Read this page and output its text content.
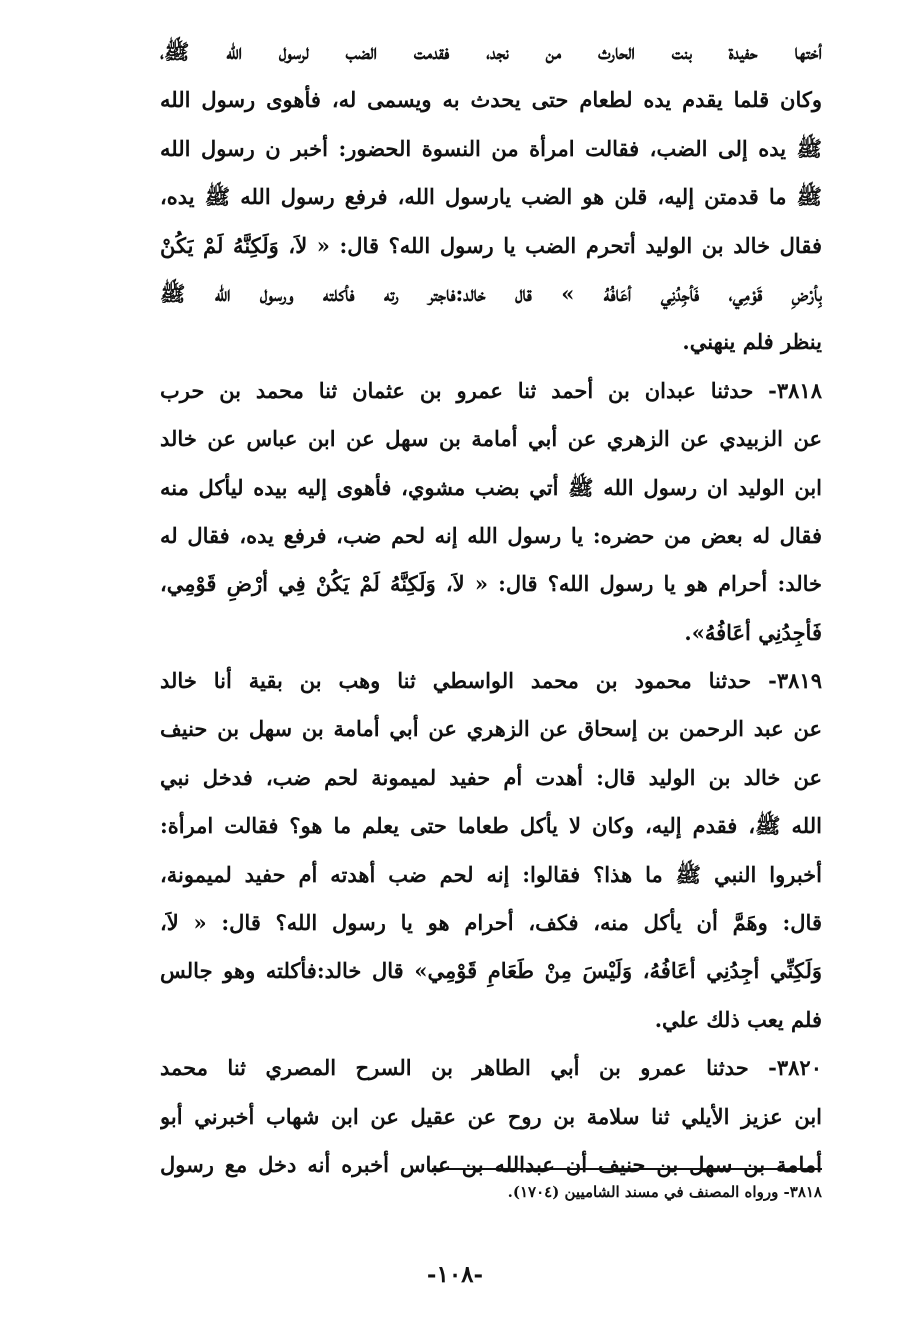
أختها حفيدة بنت الحارث من نجد، فقدمت الضب لرسول الله ﷺ،
وكان قلما يقدم يده لطعام حتى يحدث به ويسمى له، فأهوى رسول الله
ﷺ يده إلى الضب، فقالت امرأة من النسوة الحضور: أخبر ن رسول الله
ﷺ ما قدمتن إليه، قلن هو الضب يارسول الله، فرفع رسول الله ﷺ يده،
فقال خالد بن الوليد أتحرم الضب يا رسول الله؟ قال: « لاَ، وَلَكِنَّهُ لَمْ يَكُنْ
بِأرْضِ قَوْمِي، فَأجِدُنِي أعَافُهُ » قال خالد:فاجتر رته فأكلته ورسول الله ﷺ
ينظر فلم ينهني.
٣٨١٨- حدثنا عبدان بن أحمد ثنا عمرو بن عثمان ثنا محمد بن حرب
عن الزبيدي عن الزهري عن أبي أمامة بن سهل عن ابن عباس عن خالد
ابن الوليد ان رسول الله ﷺ أتي بضب مشوي، فأهوى إليه بيده ليأكل منه
فقال له بعض من حضره: يا رسول الله إنه لحم ضب، فرفع يده، فقال له
خالد: أحرام هو يا رسول الله؟ قال: « لاَ، وَلَكِنَّهُ لَمْ يَكُنْ فِي أرْضِ قَوْمِي،
فَأجِدُنِي أعَافُهُ».
٣٨١٩- حدثنا محمود بن محمد الواسطي ثنا وهب بن بقية أنا خالد
عن عبد الرحمن بن إسحاق عن الزهري عن أبي أمامة بن سهل بن حنيف
عن خالد بن الوليد قال: أهدت أم حفيد لميمونة لحم ضب، فدخل نبي
الله ﷺ، فقدم إليه، وكان لا يأكل طعاما حتى يعلم ما هو؟ فقالت امرأة:
أخبروا النبي ﷺ ما هذا؟ فقالوا: إنه لحم ضب أهدته أم حفيد لميمونة،
قال: وهَمَّ أن يأكل منه، فكف، أحرام هو يا رسول الله؟ قال: « لاَ،
وَلَكِنِّي أجِدُنِي أعَافُهُ، وَلَيْسَ مِنْ طَعَامِ قَوْمِي» قال خالد:فأكلته وهو جالس
فلم يعب ذلك علي.
٣٨٢٠- حدثنا عمرو بن أبي الطاهر بن السرح المصري ثنا محمد
ابن عزيز الأيلي ثنا سلامة بن روح عن عقيل عن ابن شهاب أخبرني أبو
أمامة بن سهل بن حنيف أن عبدالله بن عباس أخبره أنه دخل مع رسول
٣٨١٨- ورواه المصنف في مسند الشاميين (١٧٠٤).
-١٠٨-
